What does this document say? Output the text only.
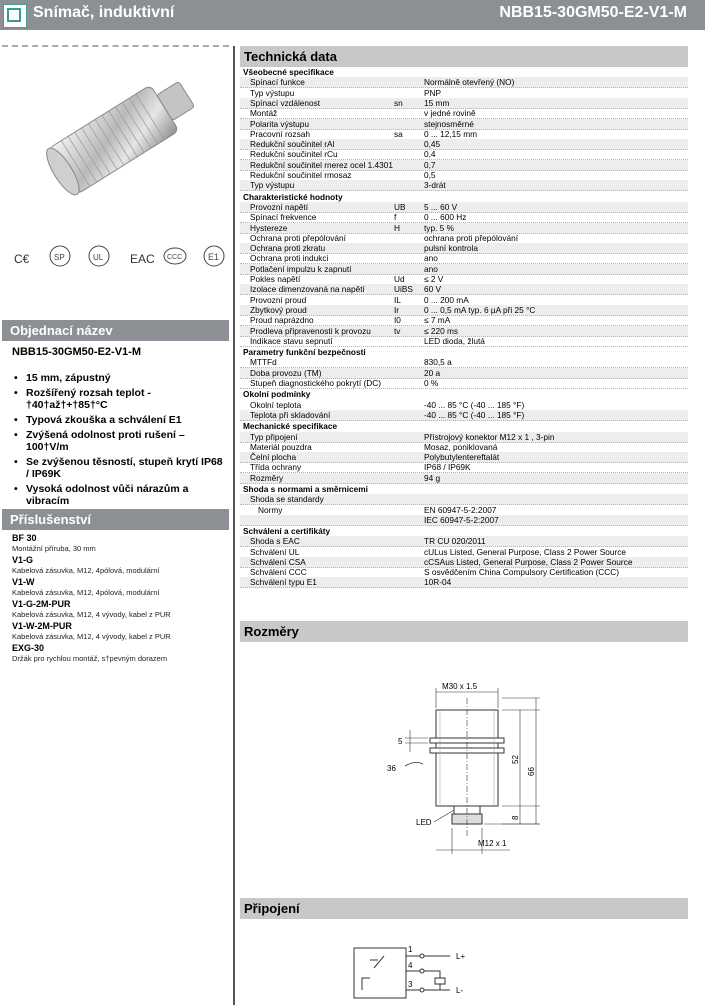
Snímač, induktivní	NBB15-30GM50-E2-V1-M
C€	SP	UL EAC CCC	E1
Objednací název
NBB15-30GM50-E2-V1-M
• 15 mm, zápustný
• Rozšířený rozsah teplot - †40†až†+†85†°C
• Typová zkouška a schválení E1
• Zvýšená odolnost proti rušení – 100†V/m
• Se zvýšenou těsností, stupeň krytí IP68 / IP69K
• Vysoká odolnost vůči nárazům a vibracím
Příslušenství
BF 30
Montážní příruba, 30 mm
V1-G
Kabelová zásuvka, M12, 4pólová, modulární
V1-W
Kabelová zásuvka, M12, 4pólová, modulární
V1-G-2M-PUR
Kabelová zásuvka, M12, 4 vývody, kabel z PUR
V1-W-2M-PUR
Kabelová zásuvka, M12, 4 vývody, kabel z PUR
EXG-30
Držák pro rychlou montáž, s†pevným dorazem
Technická data
Všeobecné specifikace
Spínací funkce	Normálně otevřený (NO)
Typ výstupu	PNP
Spínací vzdálenost	sn	15 mm
Montáž	v jedné rovině
Polarita výstupu	stejnosměrné
Pracovní rozsah	sa	0 ... 12,15 mm
Redukční součinitel rAl	0,45
Redukční součinitel rCu	0,4
Redukční součinitel rnerez ocel 1.4301	0,7
Redukční součinitel rmosaz	0,5
Typ výstupu	3-drát
Charakteristické hodnoty
Provozní napětí	UB 5 ... 60 V
Spínací frekvence	f	0 ... 600 Hz
Hystereze	H	typ. 5 %
Ochrana proti přepólování	ochrana proti přepólování
Ochrana proti zkratu	pulsní kontrola
Ochrana proti indukci	ano
Potlačení impulzu k zapnutí	ano
Pokles napětí	Ud ≤ 2 V
Izolace dimenzovaná na napětí	UiBS 60 V
Provozní proud	IL	0 ... 200 mA
Zbytkový proud	Ir	0 ... 0,5 mA typ. 6 µA při 25 °C
Proud naprázdno	I0	≤ 7 mA
Prodleva připravenosti k provozu	tv	≤ 220 ms
Indikace stavu sepnutí	LED dioda, žlutá
Parametry funkční bezpečnosti
MTTFd	830,5 a
Doba provozu (TM)	20 a
Stupeň diagnostického pokrytí (DC)	0 %
Okolní podmínky
Okolní teplota	-40 ... 85 °C (-40 ... 185 °F)
Teplota při skladování	-40 ... 85 °C (-40 ... 185 °F)
Mechanické specifikace
Typ připojení	Přístrojový konektor M12 x 1 , 3-pin
Materiál pouzdra	Mosaz, poniklovaná
Čelní plocha	Polybutylentereftalát
Třída ochrany	IP68 / IP69K
Rozměry	94 g
Shoda s normami a směrnicemi
Shoda se standardy
Normy	EN 60947-5-2:2007
IEC 60947-5-2:2007
Schválení a certifikáty
Shoda s EAC	TR CU 020/2011
Schválení UL	cULus Listed, General Purpose, Class 2 Power Source
Schválení CSA	cCSAus Listed, General Purpose, Class 2 Power Source
Schválení CCC	S osvědčením China Compulsory Certification (CCC)
Schválení typu E1	10R-04
Rozměry
M30 x 1.5
5
36
52
66
8
LED
M12 x 1
Připojení
1
4
3
L+
L-
